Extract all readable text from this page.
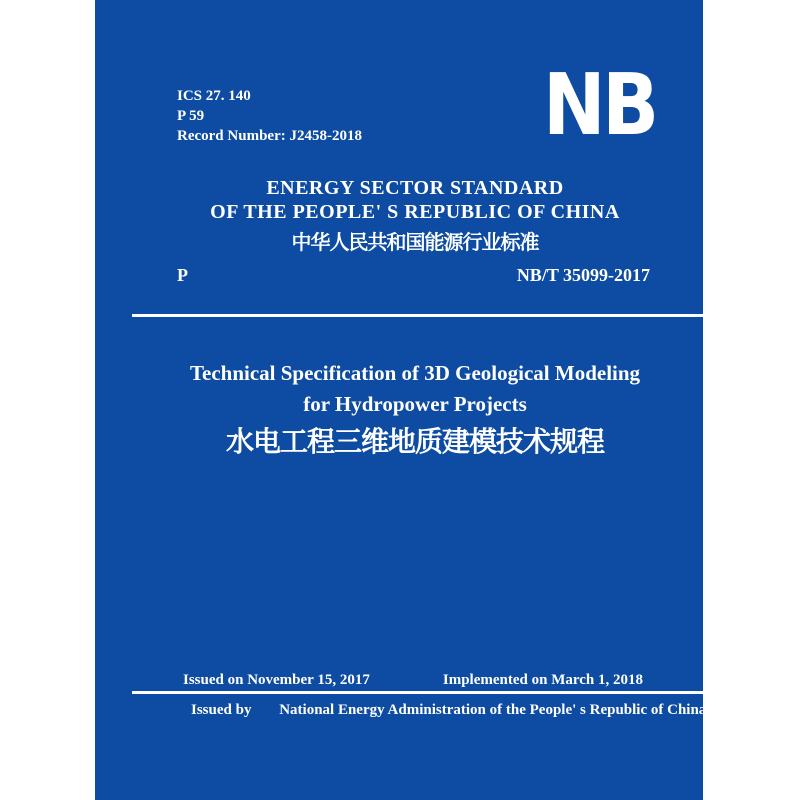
ICS 27. 140
P 59
Record Number: J2458-2018 NB
ENERGY SECTOR STANDARD
OF THE PEOPLE' S REPUBLIC OF CHINA
中华人民共和国能源行业标准
P	NB/T 35099-2017
Technical Specification of 3D Geological Modeling
for Hydropower Projects
水电工程三维地质建模技术规程
Issued on November 15, 2017	Implemented on March 1, 2018
Issued by National Energy Administration of the People' s Republic of China
